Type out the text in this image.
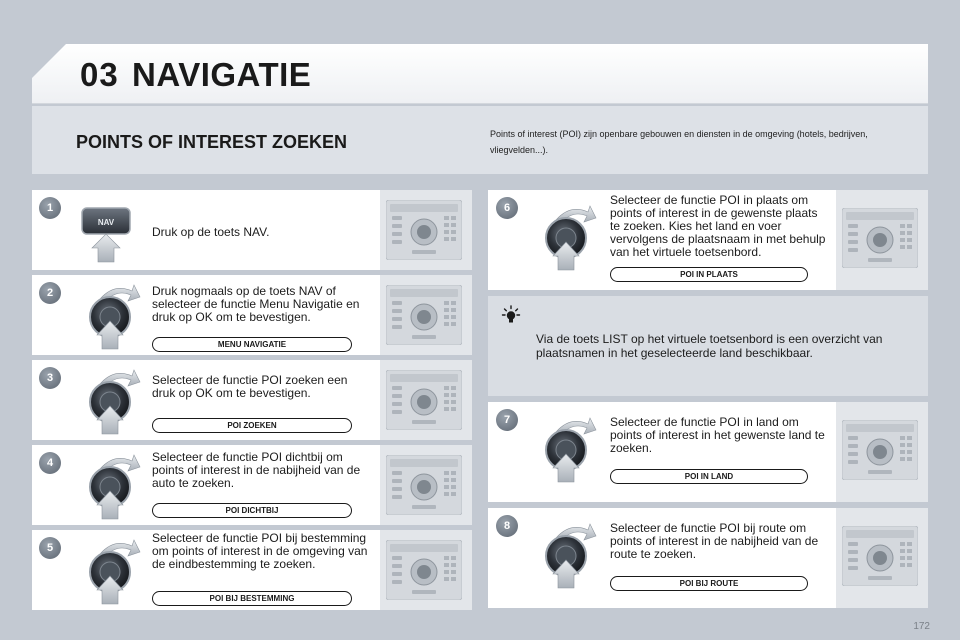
03 NAVIGATIE
POINTS OF INTEREST ZOEKEN	Points of interest (POI) zijn openbare gebouwen en diensten in de omgeving (hotels, bedrijven, vliegvelden...).
NAV
Druk op de toets NAV.
1
Druk nogmaals op de toets NAV of selecteer de functie Menu Navigatie en druk op OK om te bevestigen.
MENU NAVIGATIE
2
Selecteer de functie POI zoeken een druk op OK om te bevestigen.
POI ZOEKEN
3
Selecteer de functie POI dichtbij om points of interest in de nabijheid van de auto te zoeken.
POI DICHTBIJ
4
Selecteer de functie POI bij bestemming om points of interest in de omgeving van de eindbestemming te zoeken.
POI BIJ BESTEMMING
5
Selecteer de functie POI in plaats om points of interest in de gewenste plaats te zoeken. Kies het land en voer vervolgens de plaatsnaam in met behulp van het virtuele toetsenbord.
POI IN PLAATS
6
Via de toets LIST op het virtuele toetsenbord is een overzicht van plaatsnamen in het geselecteerde land beschikbaar.
Selecteer de functie POI in land om points of interest in het gewenste land te zoeken.
POI IN LAND
7
Selecteer de functie POI bij route om points of interest in de nabijheid van de route te zoeken.
POI BIJ ROUTE
8
172
